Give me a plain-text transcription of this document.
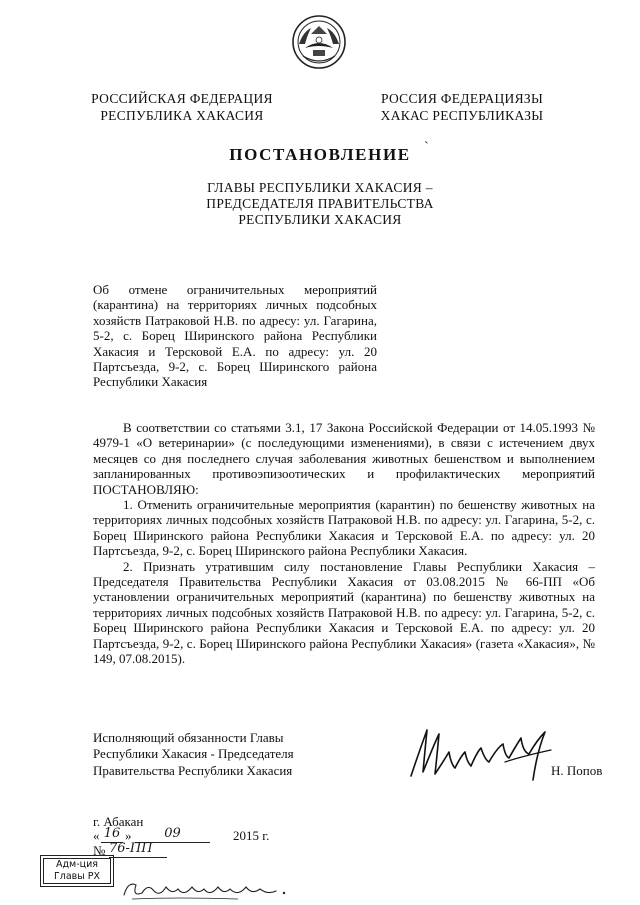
РОССИЙСКАЯ ФЕДЕРАЦИЯ
РЕСПУБЛИКА ХАКАСИЯ
РОССИЯ ФЕДЕРАЦИЯЗЫ
ХАКАС РЕСПУБЛИКАЗЫ
ПОСТАНОВЛЕНИЕ `
ГЛАВЫ РЕСПУБЛИКИ ХАКАСИЯ –
ПРЕДСЕДАТЕЛЯ ПРАВИТЕЛЬСТВА
РЕСПУБЛИКИ ХАКАСИЯ
Об отмене ограничительных мероприятий (карантина) на территориях личных подсобных хозяйств Патраковой Н.В. по адресу: ул. Гагарина, 5-2, с. Борец Ширинского района Республики Хакасия и Терсковой Е.А. по адресу: ул. 20 Партсъезда, 9-2, с. Борец Ширинского района Республики Хакасия

В соответствии со статьями 3.1, 17 Закона Российской Федерации от 14.05.1993 № 4979-1 «О ветеринарии» (с последующими изменениями), в связи с истечением двух месяцев со дня последнего случая заболевания животных бешенством и выполнением запланированных противоэпизоотических и профилактических мероприятий ПОСТАНОВЛЯЮ:

1. Отменить ограничительные мероприятия (карантин) по бешенству животных на территориях личных подсобных хозяйств Патраковой Н.В. по адресу: ул. Гагарина, 5-2, с. Борец Ширинского района Республики Хакасия и Терсковой Е.А. по адресу: ул. 20 Партсъезда, 9-2, с. Борец Ширинского района Республики Хакасия.

2. Признать утратившим силу постановление Главы Республики Хакасия – Председателя Правительства Республики Хакасия от 03.08.2015 № 66-ПП «Об установлении ограничительных мероприятий (карантина) по бешенству животных на территориях личных подсобных хозяйств Патраковой Н.В. по адресу: ул. Гагарина, 5-2, с. Борец Ширинского района Республики Хакасия и Терсковой Е.А. по адресу: ул. 20 Партсъезда, 9-2, с. Борец Ширинского района Республики Хакасия» (газета «Хакасия», № 149, 07.08.2015).

Исполняющий обязанности Главы
Республики Хакасия - Председателя
Правительства Республики Хакасия	Н. Попов
г. Абакан
« 16 »	09	2015 г.
№ 76-ПП
Адм-ция
Главы РХ
